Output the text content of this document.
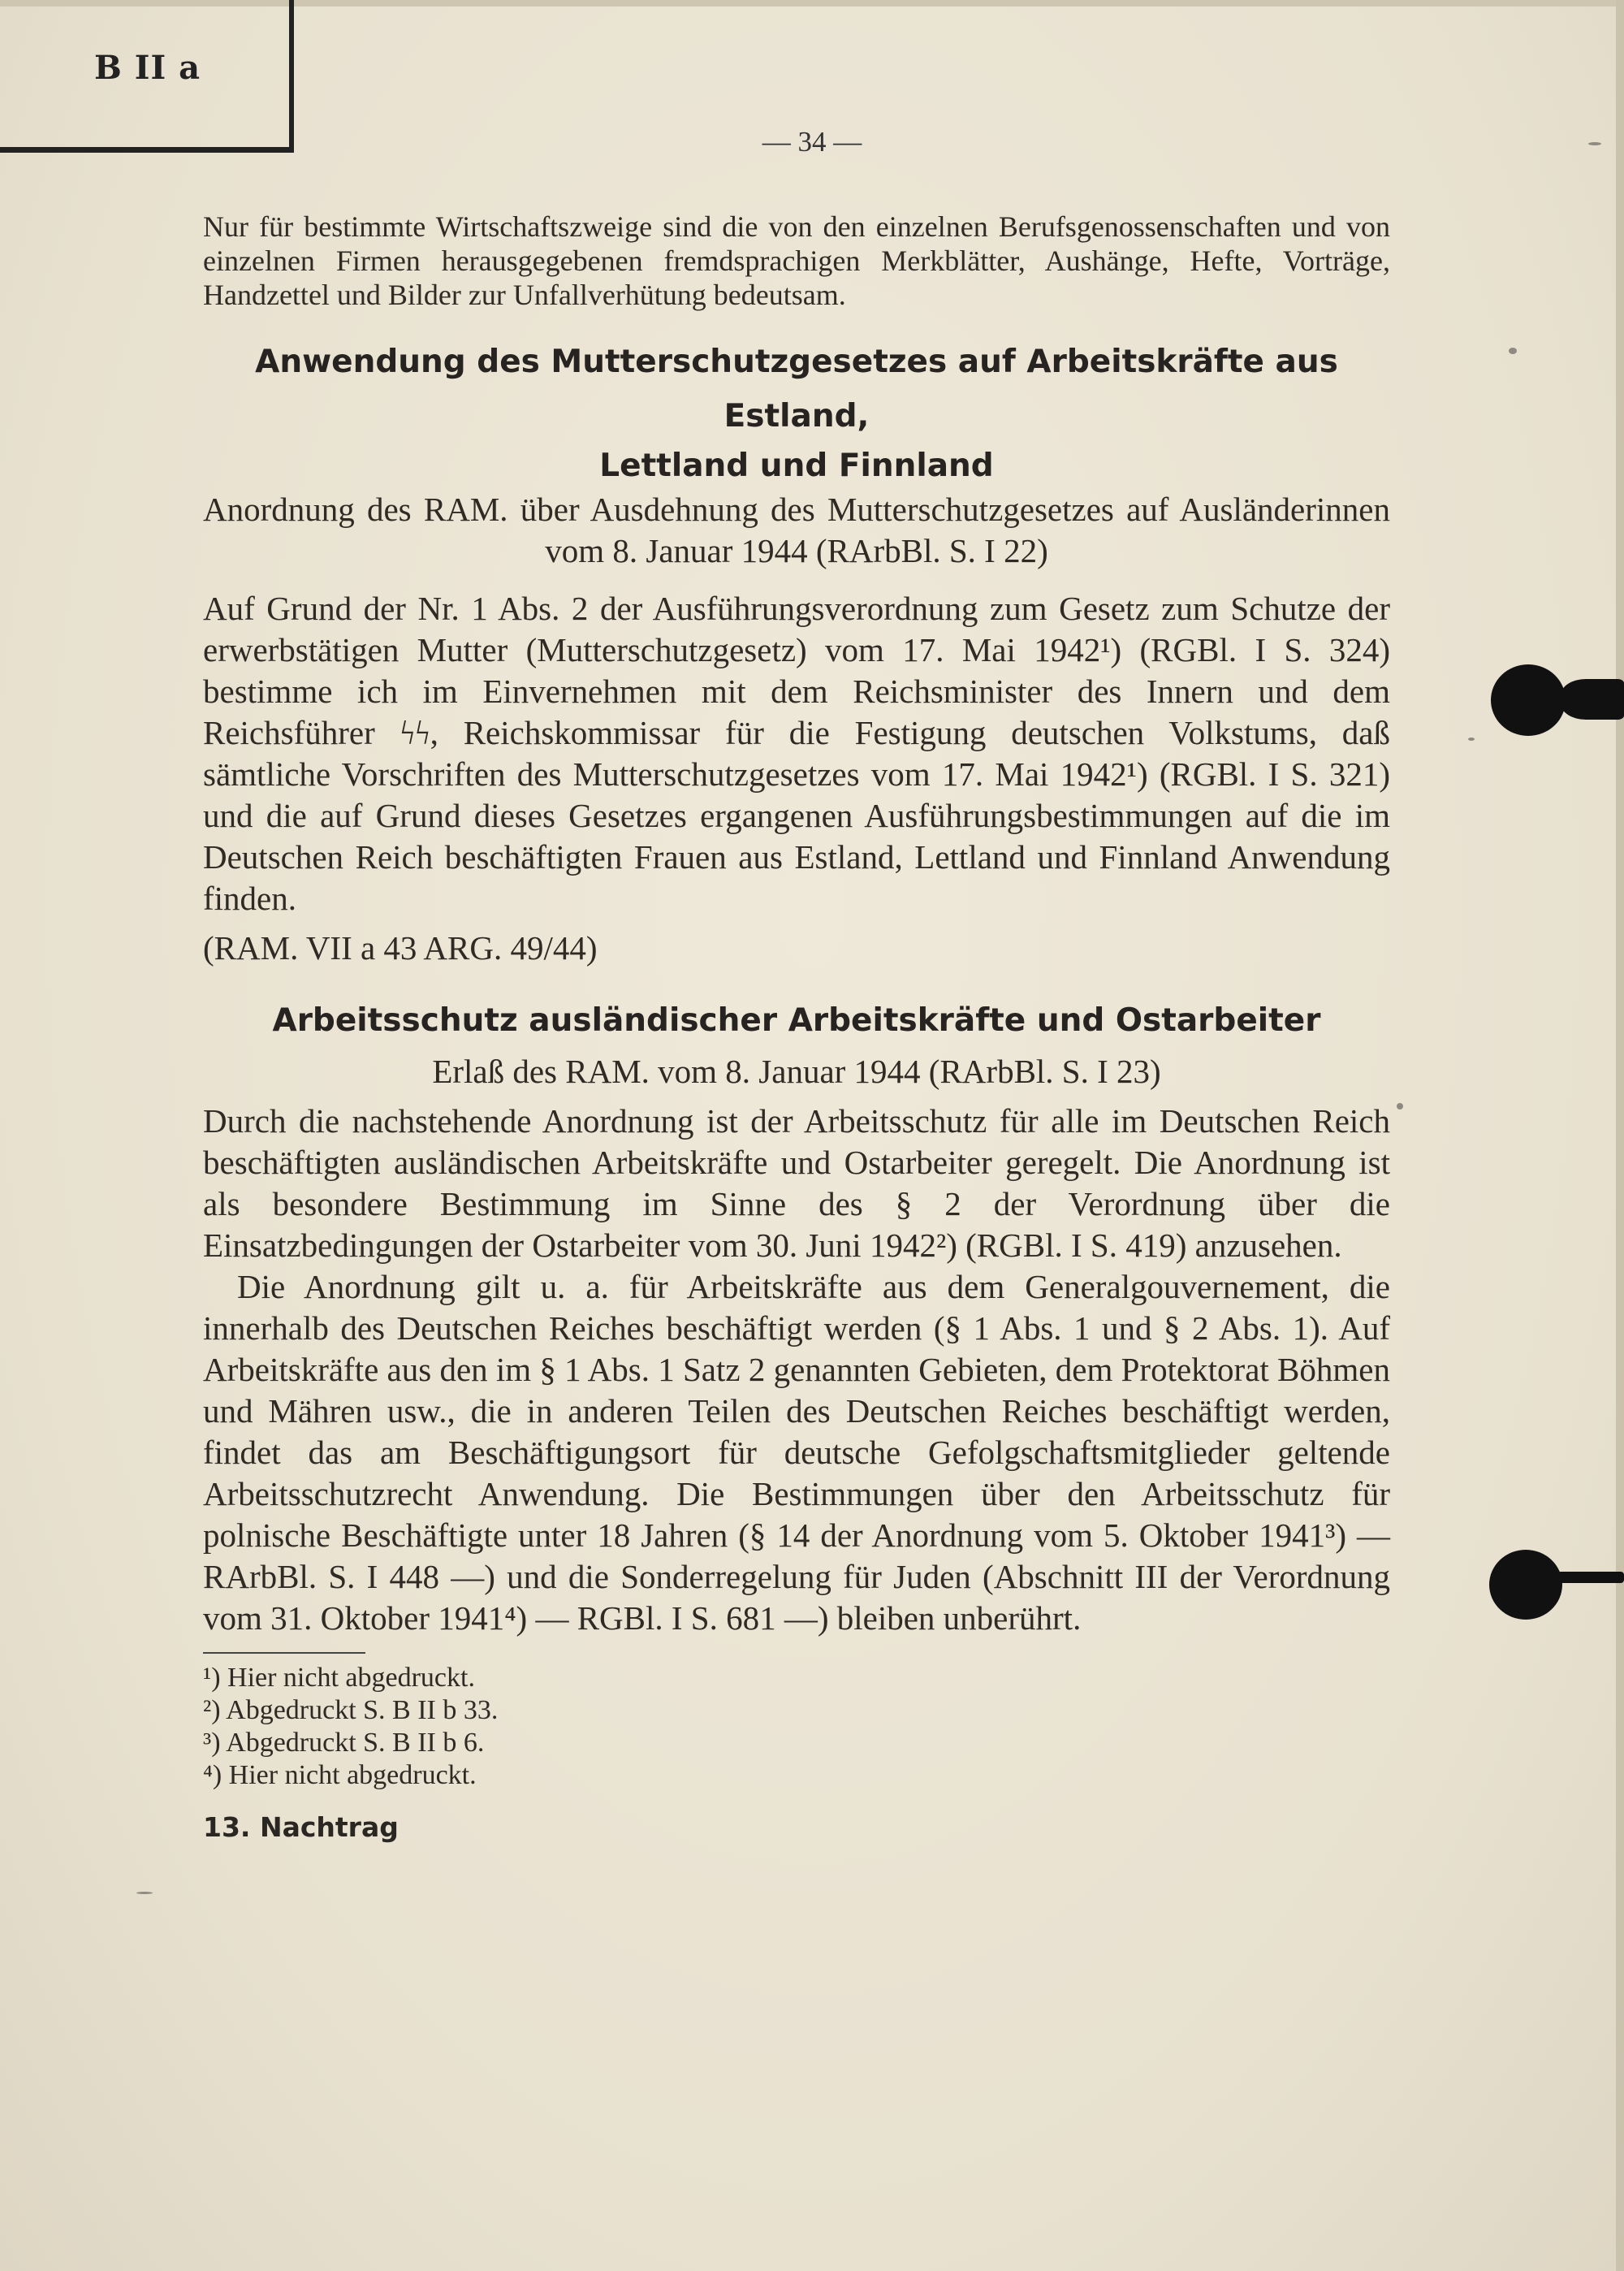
B II a
— 34 —

Nur für bestimmte Wirtschaftszweige sind die von den einzelnen Berufsgenossenschaften und von einzelnen Firmen herausgegebenen fremdsprachigen Merkblätter, Aushänge, Hefte, Vorträge, Handzettel und Bilder zur Unfallverhütung bedeutsam.

Anwendung des Mutterschutzgesetzes auf Arbeitskräfte aus Estland,

Lettland und Finnland

Anordnung des RAM. über Ausdehnung des Mutterschutzgesetzes auf Ausländerinnen vom 8. Januar 1944 (RArbBl. S. I 22)

Auf Grund der Nr. 1 Abs. 2 der Ausführungsverordnung zum Gesetz zum Schutze der erwerbstätigen Mutter (Mutterschutzgesetz) vom 17. Mai 1942¹) (RGBl. I S. 324) bestimme ich im Einvernehmen mit dem Reichsminister des Innern und dem Reichsführer ϟϟ, Reichskommissar für die Festigung deutschen Volkstums, daß sämtliche Vorschriften des Mutterschutzgesetzes vom 17. Mai 1942¹) (RGBl. I S. 321) und die auf Grund dieses Gesetzes ergangenen Ausführungsbestimmungen auf die im Deutschen Reich beschäftigten Frauen aus Estland, Lettland und Finnland Anwendung finden.

(RAM. VII a 43 ARG. 49/44)

Arbeitsschutz ausländischer Arbeitskräfte und Ostarbeiter

Erlaß des RAM. vom 8. Januar 1944 (RArbBl. S. I 23)

Durch die nachstehende Anordnung ist der Arbeitsschutz für alle im Deutschen Reich beschäftigten ausländischen Arbeitskräfte und Ostarbeiter geregelt. Die Anordnung ist als besondere Bestimmung im Sinne des § 2 der Verordnung über die Einsatzbedingungen der Ostarbeiter vom 30. Juni 1942²) (RGBl. I S. 419) anzusehen.

Die Anordnung gilt u. a. für Arbeitskräfte aus dem Generalgouvernement, die innerhalb des Deutschen Reiches beschäftigt werden (§ 1 Abs. 1 und § 2 Abs. 1). Auf Arbeitskräfte aus den im § 1 Abs. 1 Satz 2 genannten Gebieten, dem Protektorat Böhmen und Mähren usw., die in anderen Teilen des Deutschen Reiches beschäftigt werden, findet das am Beschäftigungsort für deutsche Gefolgschaftsmitglieder geltende Arbeitsschutzrecht Anwendung. Die Bestimmungen über den Arbeitsschutz für polnische Beschäftigte unter 18 Jahren (§ 14 der Anordnung vom 5. Oktober 1941³) — RArbBl. S. I 448 —) und die Sonderregelung für Juden (Abschnitt III der Verordnung vom 31. Oktober 1941⁴) — RGBl. I S. 681 —) bleiben unberührt.

¹) Hier nicht abgedruckt.

²) Abgedruckt S. B II b 33.

³) Abgedruckt S. B II b 6.

⁴) Hier nicht abgedruckt.

13. Nachtrag
